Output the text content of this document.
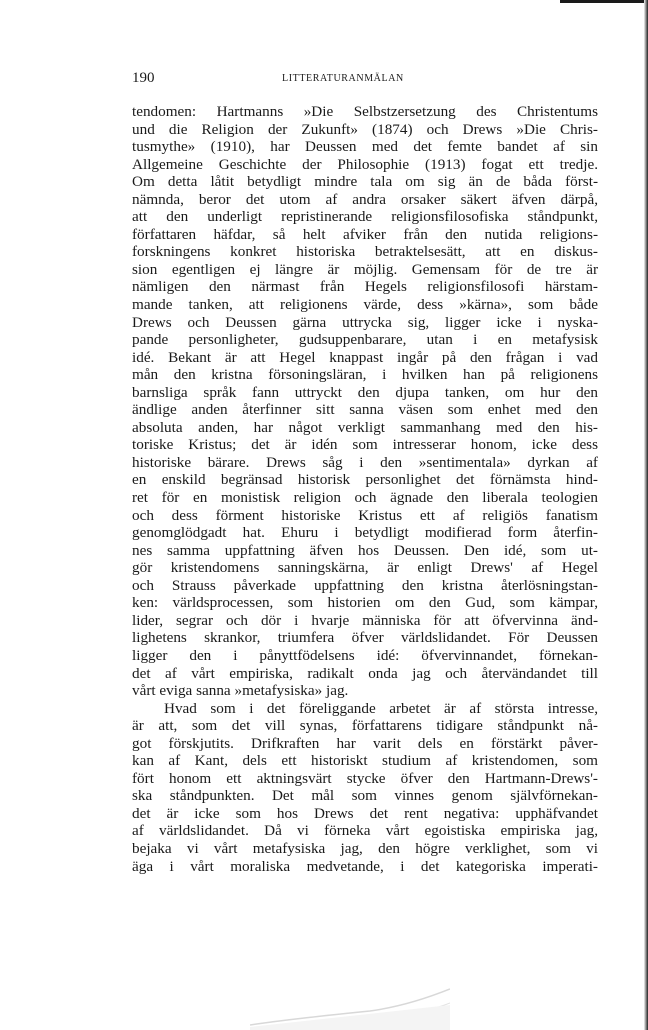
190	LITTERATURANMÄLAN
tendomen: Hartmanns »Die Selbstzersetzung des Christentums
und die Religion der Zukunft» (1874) och Drews »Die Chris-
tusmythe» (1910), har Deussen med det femte bandet af sin
Allgemeine Geschichte der Philosophie (1913) fogat ett tredje.
Om detta låtit betydligt mindre tala om sig än de båda först-
nämnda, beror det utom af andra orsaker säkert äfven därpå,
att den underligt repristinerande religionsfilosofiska ståndpunkt,
författaren häfdar, så helt afviker från den nutida religions-
forskningens konkret historiska betraktelsesätt, att en diskus-
sion egentligen ej längre är möjlig. Gemensam för de tre är
nämligen den närmast från Hegels religionsfilosofi härstam-
mande tanken, att religionens värde, dess »kärna», som både
Drews och Deussen gärna uttrycka sig, ligger icke i nyska-
pande personligheter, gudsuppenbarare, utan i en metafysisk
idé. Bekant är att Hegel knappast ingår på den frågan i vad
mån den kristna försoningsläran, i hvilken han på religionens
barnsliga språk fann uttryckt den djupa tanken, om hur den
ändlige anden återfinner sitt sanna väsen som enhet med den
absoluta anden, har något verkligt sammanhang med den his-
toriske Kristus; det är idén som intresserar honom, icke dess
historiske bärare. Drews såg i den »sentimentala» dyrkan af
en enskild begränsad historisk personlighet det förnämsta hind-
ret för en monistisk religion och ägnade den liberala teologien
och dess förment historiske Kristus ett af religiös fanatism
genomglödgadt hat. Ehuru i betydligt modifierad form återfin-
nes samma uppfattning äfven hos Deussen. Den idé, som ut-
gör kristendomens sanningskärna, är enligt Drews' af Hegel
och Strauss påverkade uppfattning den kristna återlösningstan-
ken: världsprocessen, som historien om den Gud, som kämpar,
lider, segrar och dör i hvarje människa för att öfvervinna änd-
lighetens skrankor, triumfera öfver världslidandet. För Deussen
ligger den i pånyttfödelsens idé: öfvervinnandet, förnekan-
det af vårt empiriska, radikalt onda jag och återvändandet till
vårt eviga sanna »metafysiska» jag.
Hvad som i det föreliggande arbetet är af största intresse,
är att, som det vill synas, författarens tidigare ståndpunkt nå-
got förskjutits. Drifkraften har varit dels en förstärkt påver-
kan af Kant, dels ett historiskt studium af kristendomen, som
fört honom ett aktningsvärt stycke öfver den Hartmann-Drews'-
ska ståndpunkten. Det mål som vinnes genom självförnekan-
det är icke som hos Drews det rent negativa: upphäfvandet
af världslidandet. Då vi förneka vårt egoistiska empiriska jag,
bejaka vi vårt metafysiska jag, den högre verklighet, som vi
äga i vårt moraliska medvetande, i det kategoriska imperati-
